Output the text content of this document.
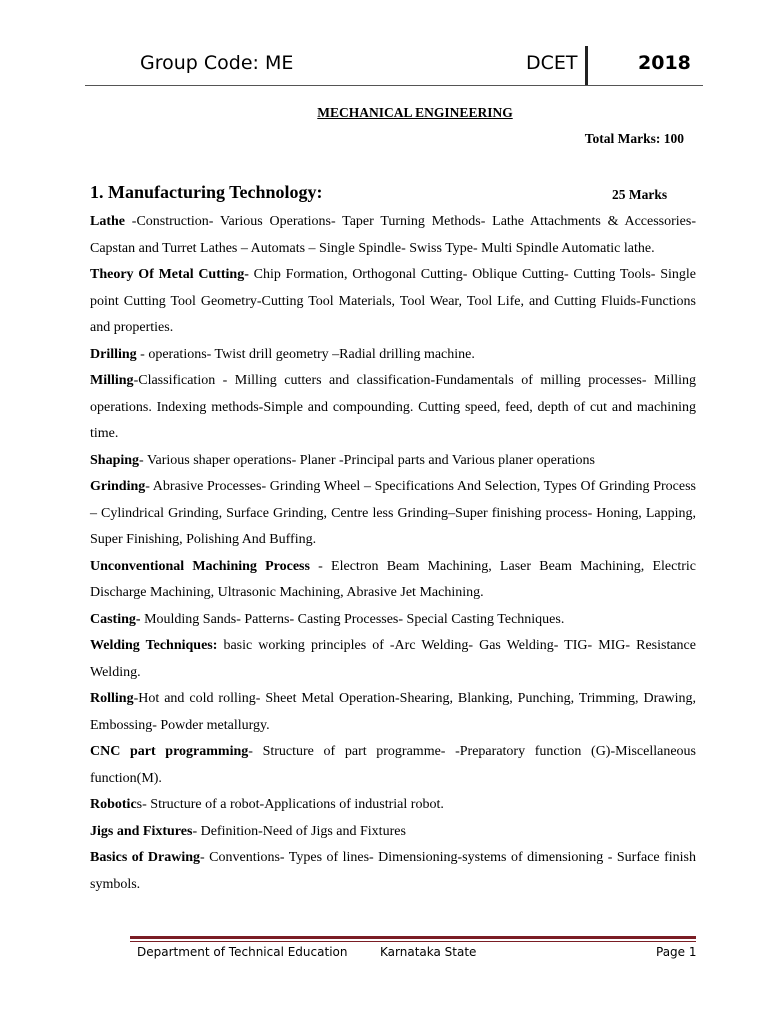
Group Code: ME	DCET	2018
MECHANICAL ENGINEERING
Total Marks: 100
1. Manufacturing Technology:	25 Marks

Lathe -Construction- Various Operations- Taper Turning Methods- Lathe Attachments & Accessories- Capstan and Turret Lathes – Automats – Single Spindle- Swiss Type- Multi Spindle Automatic lathe.

Theory Of Metal Cutting- Chip Formation, Orthogonal Cutting- Oblique Cutting- Cutting Tools- Single point Cutting Tool Geometry-Cutting Tool Materials, Tool Wear, Tool Life, and Cutting Fluids-Functions and properties.

Drilling - operations- Twist drill geometry –Radial drilling machine.

Milling-Classification - Milling cutters and classification-Fundamentals of milling processes- Milling operations. Indexing methods-Simple and compounding. Cutting speed, feed, depth of cut and machining time.

Shaping- Various shaper operations- Planer -Principal parts and Various planer operations

Grinding- Abrasive Processes- Grinding Wheel – Specifications And Selection, Types Of Grinding Process – Cylindrical Grinding, Surface Grinding, Centre less Grinding–Super finishing process- Honing, Lapping, Super Finishing, Polishing And Buffing.

Unconventional Machining Process - Electron Beam Machining, Laser Beam Machining, Electric Discharge Machining, Ultrasonic Machining, Abrasive Jet Machining.

Casting- Moulding Sands- Patterns- Casting Processes- Special Casting Techniques.

Welding Techniques: basic working principles of -Arc Welding- Gas Welding- TIG- MIG- Resistance Welding.

Rolling-Hot and cold rolling- Sheet Metal Operation-Shearing, Blanking, Punching, Trimming, Drawing, Embossing- Powder metallurgy.

CNC part programming- Structure of part programme- -Preparatory function (G)-Miscellaneous function(M).

Robotics- Structure of a robot-Applications of industrial robot.

Jigs and Fixtures- Definition-Need of Jigs and Fixtures

Basics of Drawing- Conventions- Types of lines- Dimensioning-systems of dimensioning - Surface finish symbols.

Department of Technical Education	Karnataka State	Page 1
